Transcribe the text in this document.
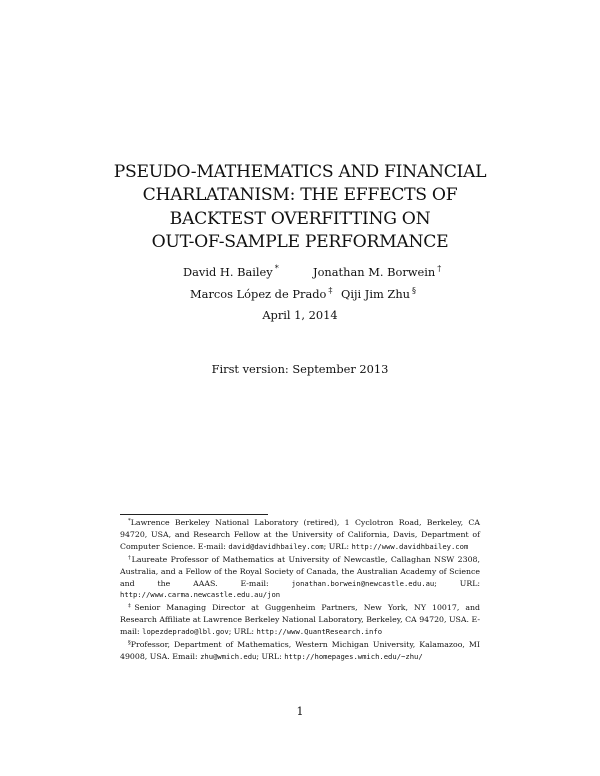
PSEUDO-MATHEMATICS AND FINANCIAL
CHARLATANISM: THE EFFECTS OF
BACKTEST OVERFITTING ON
OUT-OF-SAMPLE PERFORMANCE
David H. Bailey *	Jonathan M. Borwein †
Marcos López de Prado ‡ Qiji Jim Zhu §
April 1, 2014
First version: September 2013

*Lawrence Berkeley National Laboratory (retired), 1 Cyclotron Road, Berkeley, CA 94720, USA, and Research Fellow at the University of California, Davis, Department of Computer Science. E-mail: david@davidhbailey.com; URL: http://www.davidhbailey.com

†Laureate Professor of Mathematics at University of Newcastle, Callaghan NSW 2308, Australia, and a Fellow of the Royal Society of Canada, the Australian Academy of Science and the AAAS. E-mail: jonathan.borwein@newcastle.edu.au; URL: http://www.carma.newcastle.edu.au/jon

‡Senior Managing Director at Guggenheim Partners, New York, NY 10017, and Research Affiliate at Lawrence Berkeley National Laboratory, Berkeley, CA 94720, USA. E-mail: lopezdeprado@lbl.gov; URL: http://www.QuantResearch.info

§Professor, Department of Mathematics, Western Michigan University, Kalamazoo, MI 49008, USA. Email: zhu@wmich.edu; URL: http://homepages.wmich.edu/~zhu/

1
